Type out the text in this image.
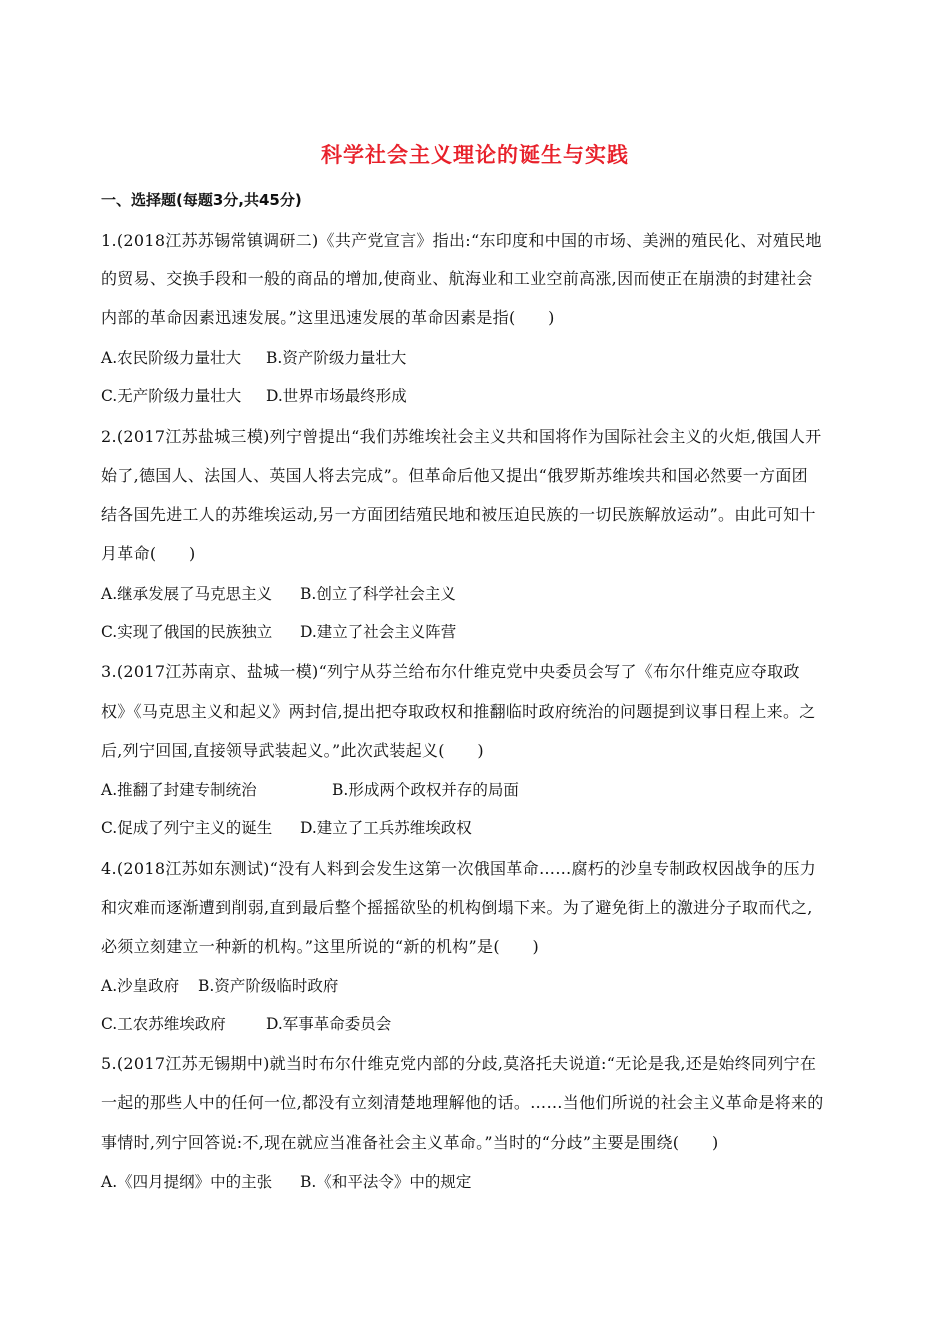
科学社会主义理论的诞生与实践
一、选择题(每题3分,共45分)
1.(2018江苏苏锡常镇调研二)《共产党宣言》指出:“东印度和中国的市场、美洲的殖民化、对殖民地
的贸易、交换手段和一般的商品的增加,使商业、航海业和工业空前高涨,因而使正在崩溃的封建社会
内部的革命因素迅速发展。”这里迅速发展的革命因素是指(　　)
A.农民阶级力量壮大 B.资产阶级力量壮大
C.无产阶级力量壮大 D.世界市场最终形成
2.(2017江苏盐城三模)列宁曾提出“我们苏维埃社会主义共和国将作为国际社会主义的火炬,俄国人开
始了,德国人、法国人、英国人将去完成”。但革命后他又提出“俄罗斯苏维埃共和国必然要一方面团
结各国先进工人的苏维埃运动,另一方面团结殖民地和被压迫民族的一切民族解放运动”。由此可知十
月革命(　　)
A.继承发展了马克思主义 B.创立了科学社会主义
C.实现了俄国的民族独立 D.建立了社会主义阵营
3.(2017江苏南京、盐城一模)“列宁从芬兰给布尔什维克党中央委员会写了《布尔什维克应夺取政
权》《马克思主义和起义》两封信,提出把夺取政权和推翻临时政府统治的问题提到议事日程上来。之
后,列宁回国,直接领导武装起义。”此次武装起义(　　)
A.推翻了封建专制统治	B.形成两个政权并存的局面
C.促成了列宁主义的诞生 D.建立了工兵苏维埃政权
4.(2018江苏如东测试)“没有人料到会发生这第一次俄国革命……腐朽的沙皇专制政权因战争的压力
和灾难而逐渐遭到削弱,直到最后整个摇摇欲坠的机构倒塌下来。为了避免街上的激进分子取而代之,
必须立刻建立一种新的机构。”这里所说的“新的机构”是(　　)
A.沙皇政府 B.资产阶级临时政府
C.工农苏维埃政府	D.军事革命委员会
5.(2017江苏无锡期中)就当时布尔什维克党内部的分歧,莫洛托夫说道:“无论是我,还是始终同列宁在
一起的那些人中的任何一位,都没有立刻清楚地理解他的话。……当他们所说的社会主义革命是将来的
事情时,列宁回答说:不,现在就应当准备社会主义革命。”当时的“分歧”主要是围绕(　　)
A.《四月提纲》中的主张 B.《和平法令》中的规定
